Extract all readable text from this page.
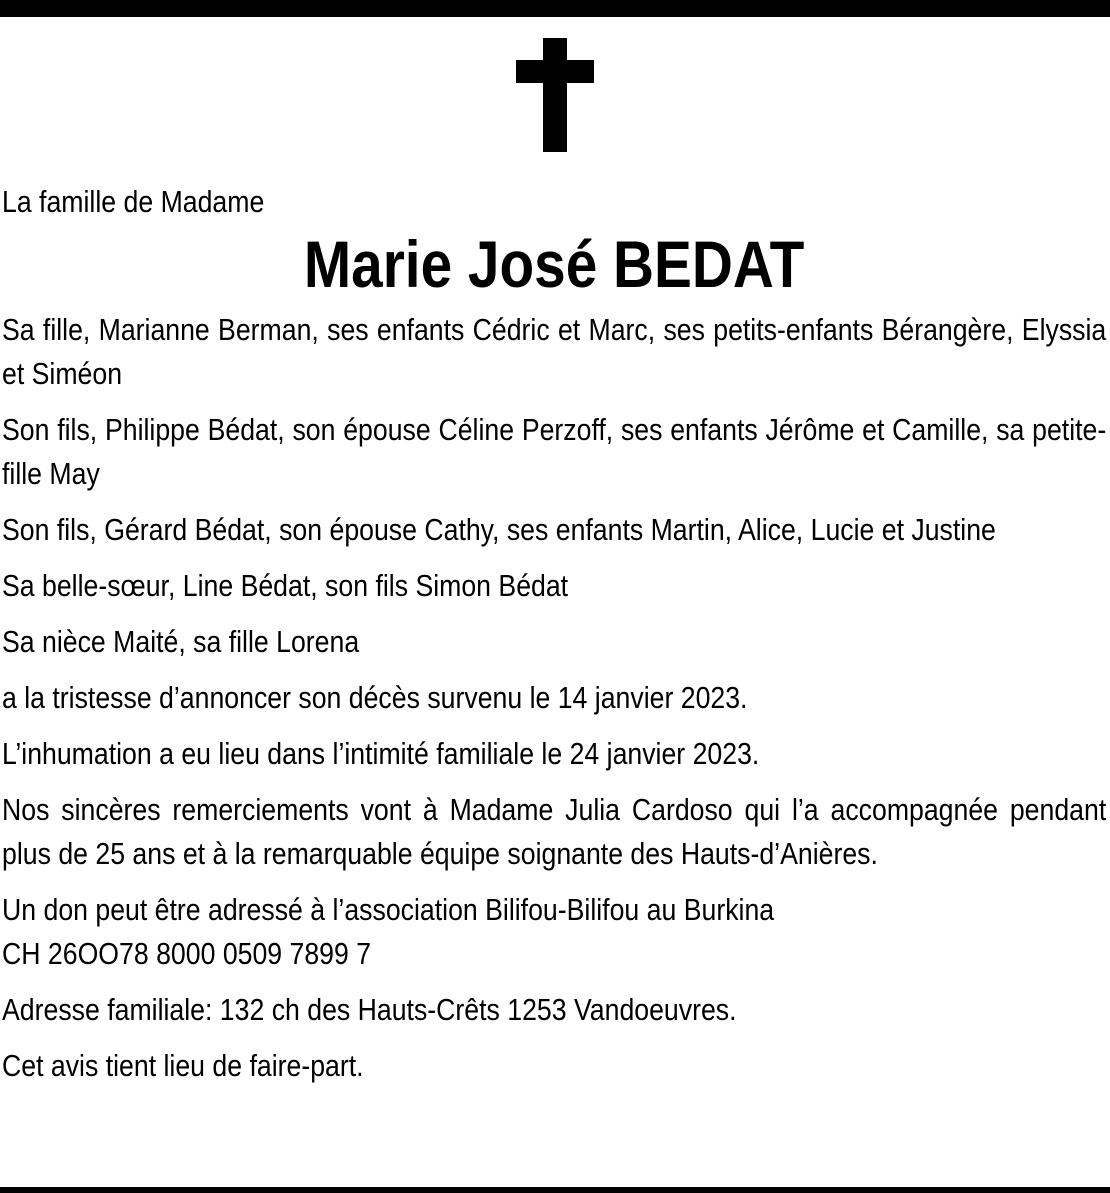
La famille de Madame

Marie José BEDAT

Sa fille, Marianne Berman, ses enfants Cédric et Marc, ses petits-enfants Bérangère, Elyssia et Siméon

Son fils, Philippe Bédat, son épouse Céline Perzoff, ses enfants Jérôme et Camille, sa petite-fille May

Son fils, Gérard Bédat, son épouse Cathy, ses enfants Martin, Alice, Lucie et Justine

Sa belle-sœur, Line Bédat, son fils Simon Bédat

Sa nièce Maité, sa fille Lorena

a la tristesse d’annoncer son décès survenu le 14 janvier 2023.

L’inhumation a eu lieu dans l’intimité familiale le 24 janvier 2023.

Nos sincères remerciements vont à Madame Julia Cardoso qui l’a accompagnée pendant plus de 25 ans et à la remarquable équipe soignante des Hauts-d’Anières.

Un don peut être adressé à l’association Bilifou-Bilifou au Burkina
CH 26OO78 8000 0509 7899 7

Adresse familiale: 132 ch des Hauts-Crêts 1253 Vandoeuvres.

Cet avis tient lieu de faire-part.
